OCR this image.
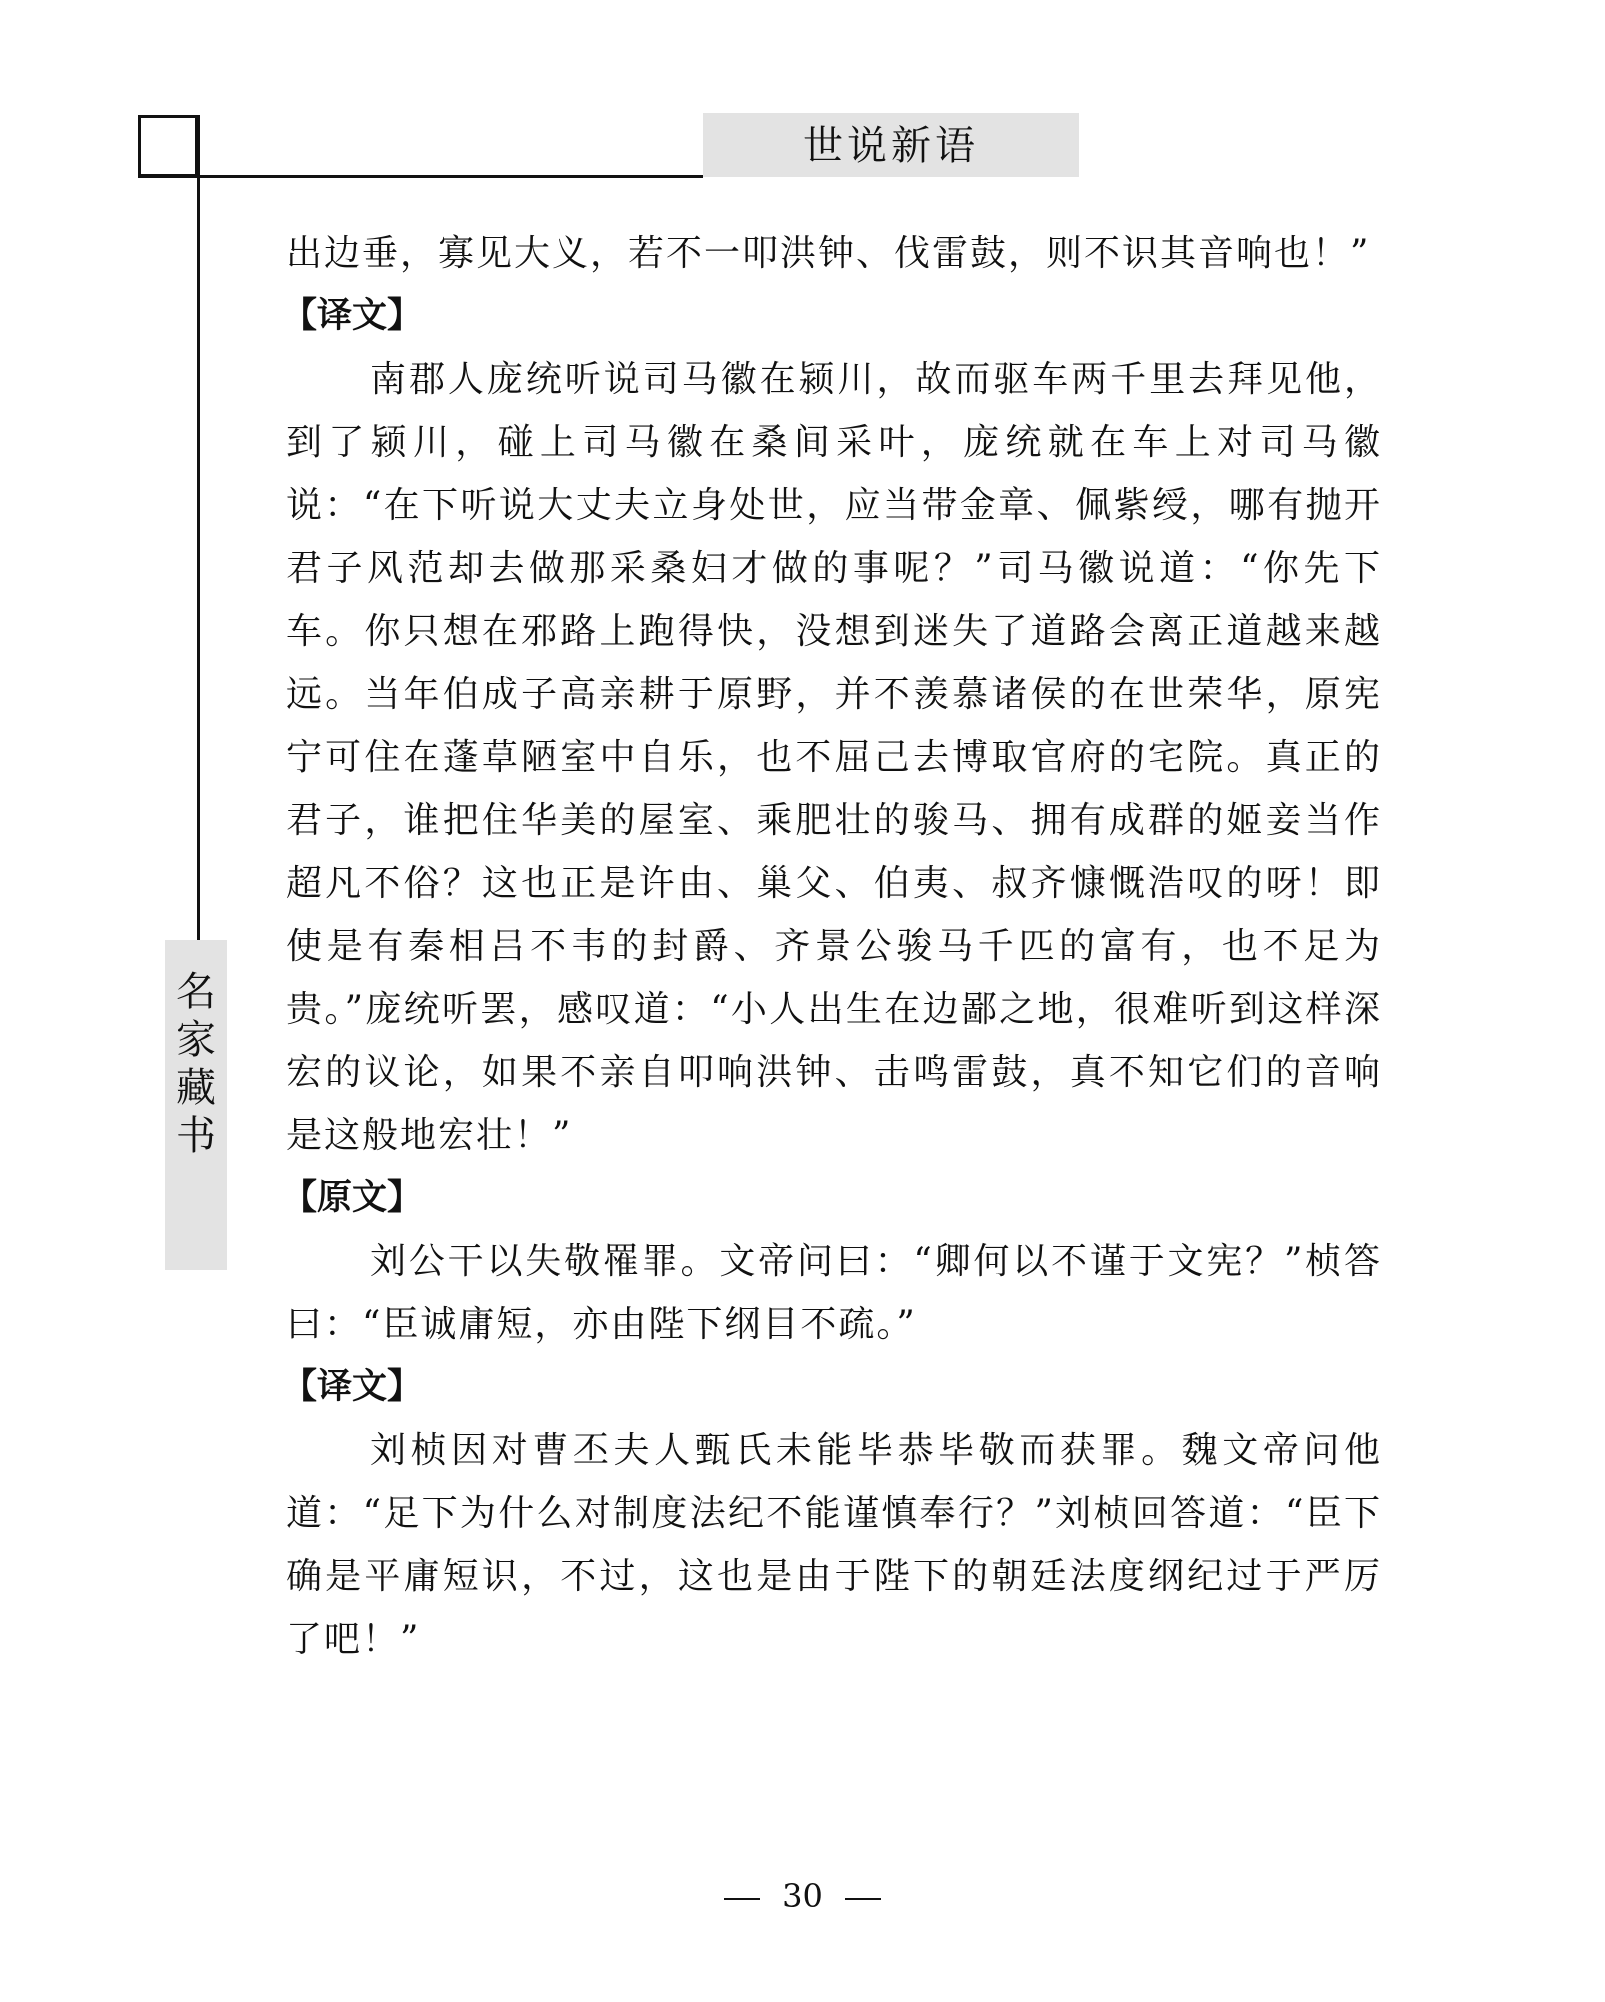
世说新语
名家藏书

出边垂，寡见大义，若不一叩洪钟、伐雷鼓，则不识其音响也！”

【译文】

南郡人庞统听说司马徽在颍川，故而驱车两千里去拜见他，到了颍川，碰上司马徽在桑间采叶，庞统就在车上对司马徽说：“在下听说大丈夫立身处世，应当带金章、佩紫绶，哪有抛开君子风范却去做那采桑妇才做的事呢？”司马徽说道：“你先下车。你只想在邪路上跑得快，没想到迷失了道路会离正道越来越远。当年伯成子高亲耕于原野，并不羡慕诸侯的在世荣华，原宪宁可住在蓬草陋室中自乐，也不屈己去博取官府的宅院。真正的君子，谁把住华美的屋室、乘肥壮的骏马、拥有成群的姬妾当作超凡不俗？这也正是许由、巢父、伯夷、叔齐慷慨浩叹的呀！即使是有秦相吕不韦的封爵、齐景公骏马千匹的富有，也不足为贵。”庞统听罢，感叹道：“小人出生在边鄙之地，很难听到这样深宏的议论，如果不亲自叩响洪钟、击鸣雷鼓，真不知它们的音响是这般地宏壮！”

【原文】

刘公干以失敬罹罪。文帝问曰：“卿何以不谨于文宪？”桢答曰：“臣诚庸短，亦由陛下纲目不疏。”

【译文】

刘桢因对曹丕夫人甄氏未能毕恭毕敬而获罪。魏文帝问他道：“足下为什么对制度法纪不能谨慎奉行？”刘桢回答道：“臣下确是平庸短识，不过，这也是由于陛下的朝廷法度纲纪过于严厉了吧！”

30
